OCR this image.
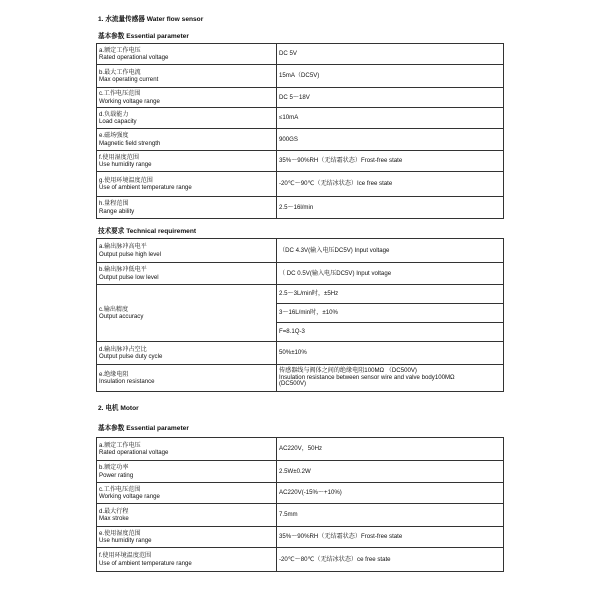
1. 水流量传感器 Water flow sensor
基本参数 Essential parameter
a.额定工作电压
Rated operational voltage	DC 5V

b.最大工作电流
Max operating current	15mA（DC5V)

c.工作电压范围
Working voltage range	DC 5～18V

d.负载能力
Load capacity	≤10mA

e.磁场强度
Magnetic field strength	900GS

f.使用湿度范围
Use humidity range	35%～90%RH（无结霜状态）Frost-free state

g.使用环境温度范围
Use of ambient temperature range	-20℃～90℃（无结冰状态）Ice free state

h.量程范围
Range ability	2.5～16l/min
技术要求 Technical requirement
a.输出脉冲高电平
Output pulse high level	（DC 4.3V(输入电压DC5V) Input voltage

b.输出脉冲低电平
Output pulse low level	（ DC 0.5V(输入电压DC5V) Input voltage

c.输出精度
Output accuracy	2.5～3L/min时，±5Hz
3～16L/min时，±10%
F=8.1Q-3

d.输出脉冲占空比
Output pulse duty cycle	50%±10%

e.绝缘电阻
Insulation resistance	传感器线与阀体之间的绝缘电阻100MΩ （DC500V)
Insulation resistance between sensor wire and valve body100MΩ
(DC500V)
2. 电机 Motor
基本参数 Essential parameter
a.额定工作电压
Rated operational voltage	AC220V，50Hz

b.额定功率
Power rating	2.5W±0.2W

c.工作电压范围
Working voltage range	AC220V(-15%～+10%)

d.最大行程
Max stroke	7.5mm

e.使用湿度范围
Use humidity range	35%～90%RH（无结霜状态）Frost-free state

f.使用环境温度范围
Use of ambient temperature range	-20℃～80℃（无结冰状态）ce free state
